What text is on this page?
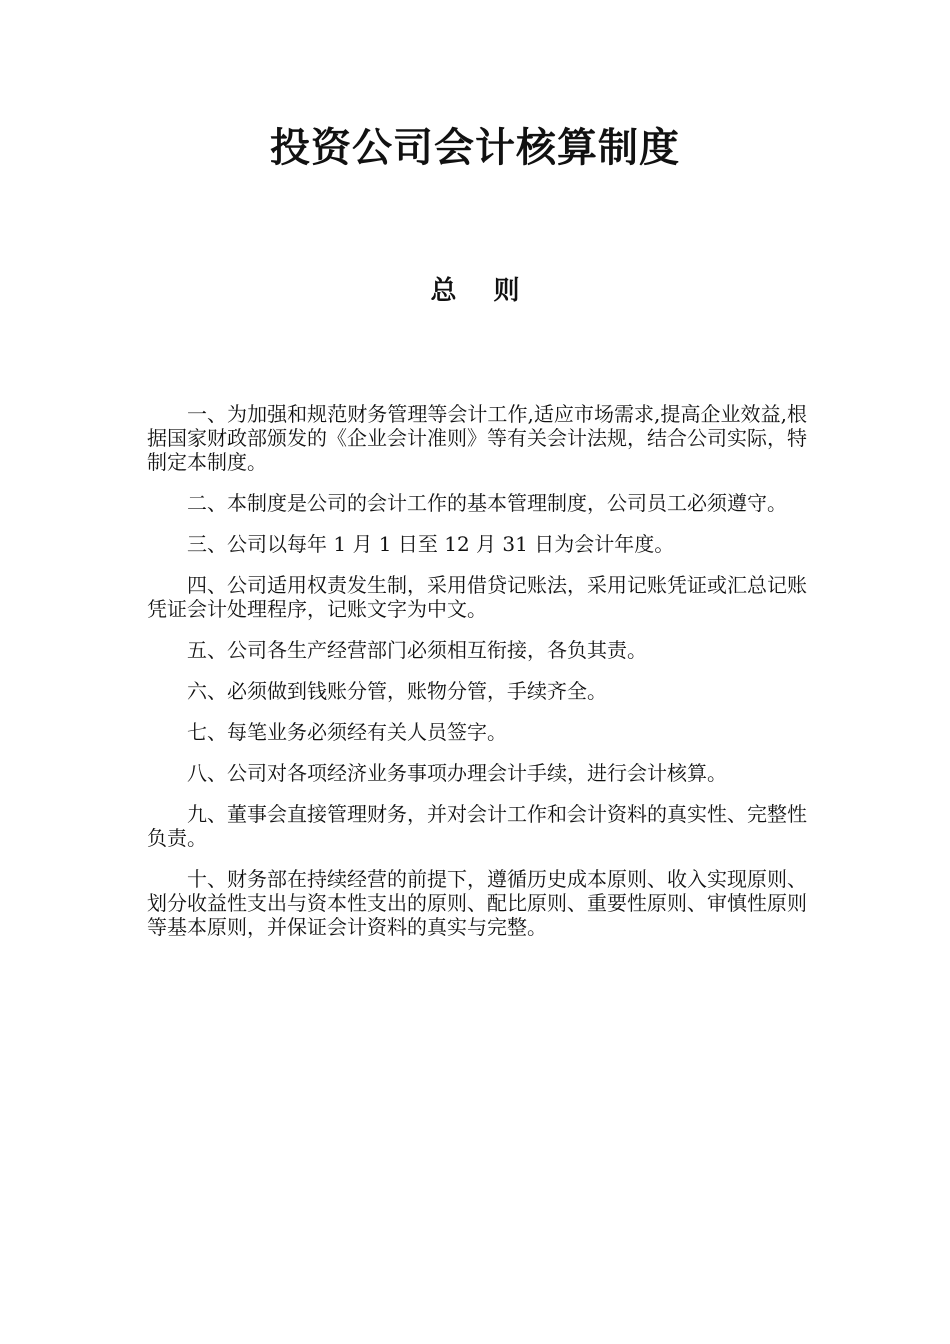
投资公司会计核算制度
总 则

一、为加强和规范财务管理等会计工作,适应市场需求,提高企业效益,根据国家财政部颁发的《企业会计准则》等有关会计法规，结合公司实际，特制定本制度。

二、本制度是公司的会计工作的基本管理制度，公司员工必须遵守。

三、公司以每年 1 月 1 日至 12 月 31 日为会计年度。

四、公司适用权责发生制，采用借贷记账法，采用记账凭证或汇总记账凭证会计处理程序，记账文字为中文。

五、公司各生产经营部门必须相互衔接，各负其责。

六、必须做到钱账分管，账物分管，手续齐全。

七、每笔业务必须经有关人员签字。

八、公司对各项经济业务事项办理会计手续，进行会计核算。

九、董事会直接管理财务，并对会计工作和会计资料的真实性、完整性负责。

十、财务部在持续经营的前提下，遵循历史成本原则、收入实现原则、划分收益性支出与资本性支出的原则、配比原则、重要性原则、审慎性原则等基本原则，并保证会计资料的真实与完整。
